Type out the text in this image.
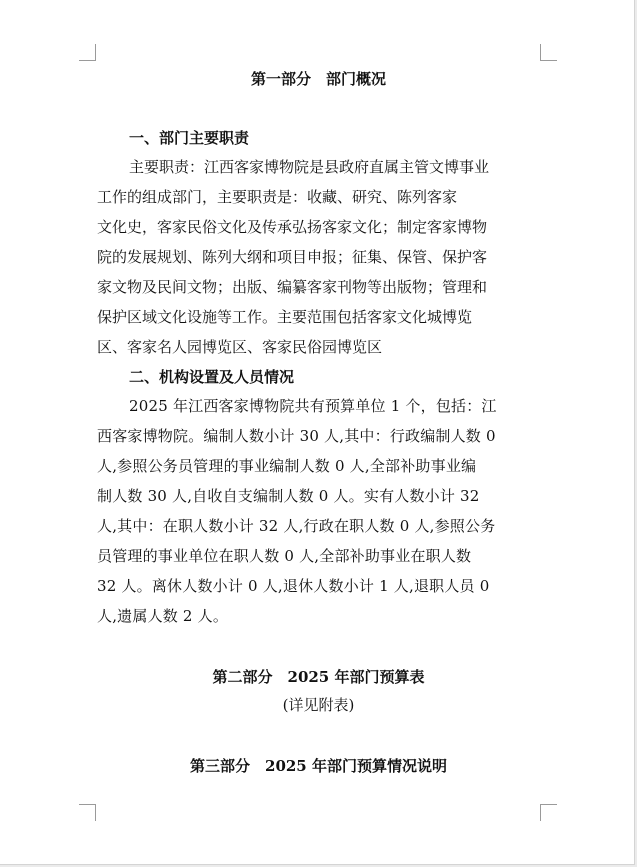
第一部分　部门概况
一、部门主要职责
主要职责：江西客家博物院是县政府直属主管文博事业
工作的组成部门，主要职责是：收藏、研究、陈列客家
文化史，客家民俗文化及传承弘扬客家文化；制定客家博物
院的发展规划、陈列大纲和项目申报；征集、保管、保护客
家文物及民间文物；出版、编纂客家刊物等出版物；管理和
保护区域文化设施等工作。主要范围包括客家文化城博览
区、客家名人园博览区、客家民俗园博览区
二、机构设置及人员情况
2025 年江西客家博物院共有预算单位 1 个，包括：江
西客家博物院。编制人数小计 30 人,其中：行政编制人数 0
人,参照公务员管理的事业编制人数 0 人,全部补助事业编
制人数 30 人,自收自支编制人数 0 人。实有人数小计 32
人,其中：在职人数小计 32 人,行政在职人数 0 人,参照公务
员管理的事业单位在职人数 0 人,全部补助事业在职人数
32 人。离休人数小计 0 人,退休人数小计 1 人,退职人员 0
人,遗属人数 2 人。
第二部分　2025 年部门预算表
(详见附表)
第三部分　2025 年部门预算情况说明
